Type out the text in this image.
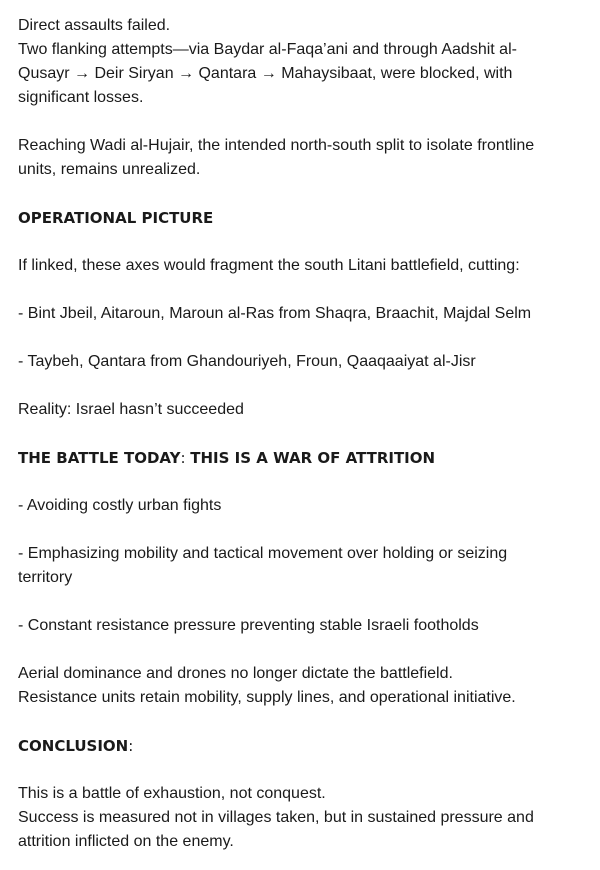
Direct assaults failed.
Two flanking attempts—via Baydar al-Faqa’ani and through Aadshit al-
Qusayr → Deir Siryan → Qantara → Mahaysibaat, were blocked, with
significant losses.
Reaching Wadi al-Hujair, the intended north-south split to isolate frontline
units, remains unrealized.
OPERATIONAL PICTURE
If linked, these axes would fragment the south Litani battlefield, cutting:
- Bint Jbeil, Aitaroun, Maroun al-Ras from Shaqra, Braachit, Majdal Selm
- Taybeh, Qantara from Ghandouriyeh, Froun, Qaaqaaiyat al-Jisr
Reality: Israel hasn’t succeeded
THE BATTLE TODAY: THIS IS A WAR OF ATTRITION
- Avoiding costly urban fights
- Emphasizing mobility and tactical movement over holding or seizing
territory
- Constant resistance pressure preventing stable Israeli footholds
Aerial dominance and drones no longer dictate the battlefield.
Resistance units retain mobility, supply lines, and operational initiative.
CONCLUSION:
This is a battle of exhaustion, not conquest.
Success is measured not in villages taken, but in sustained pressure and
attrition inflicted on the enemy.
